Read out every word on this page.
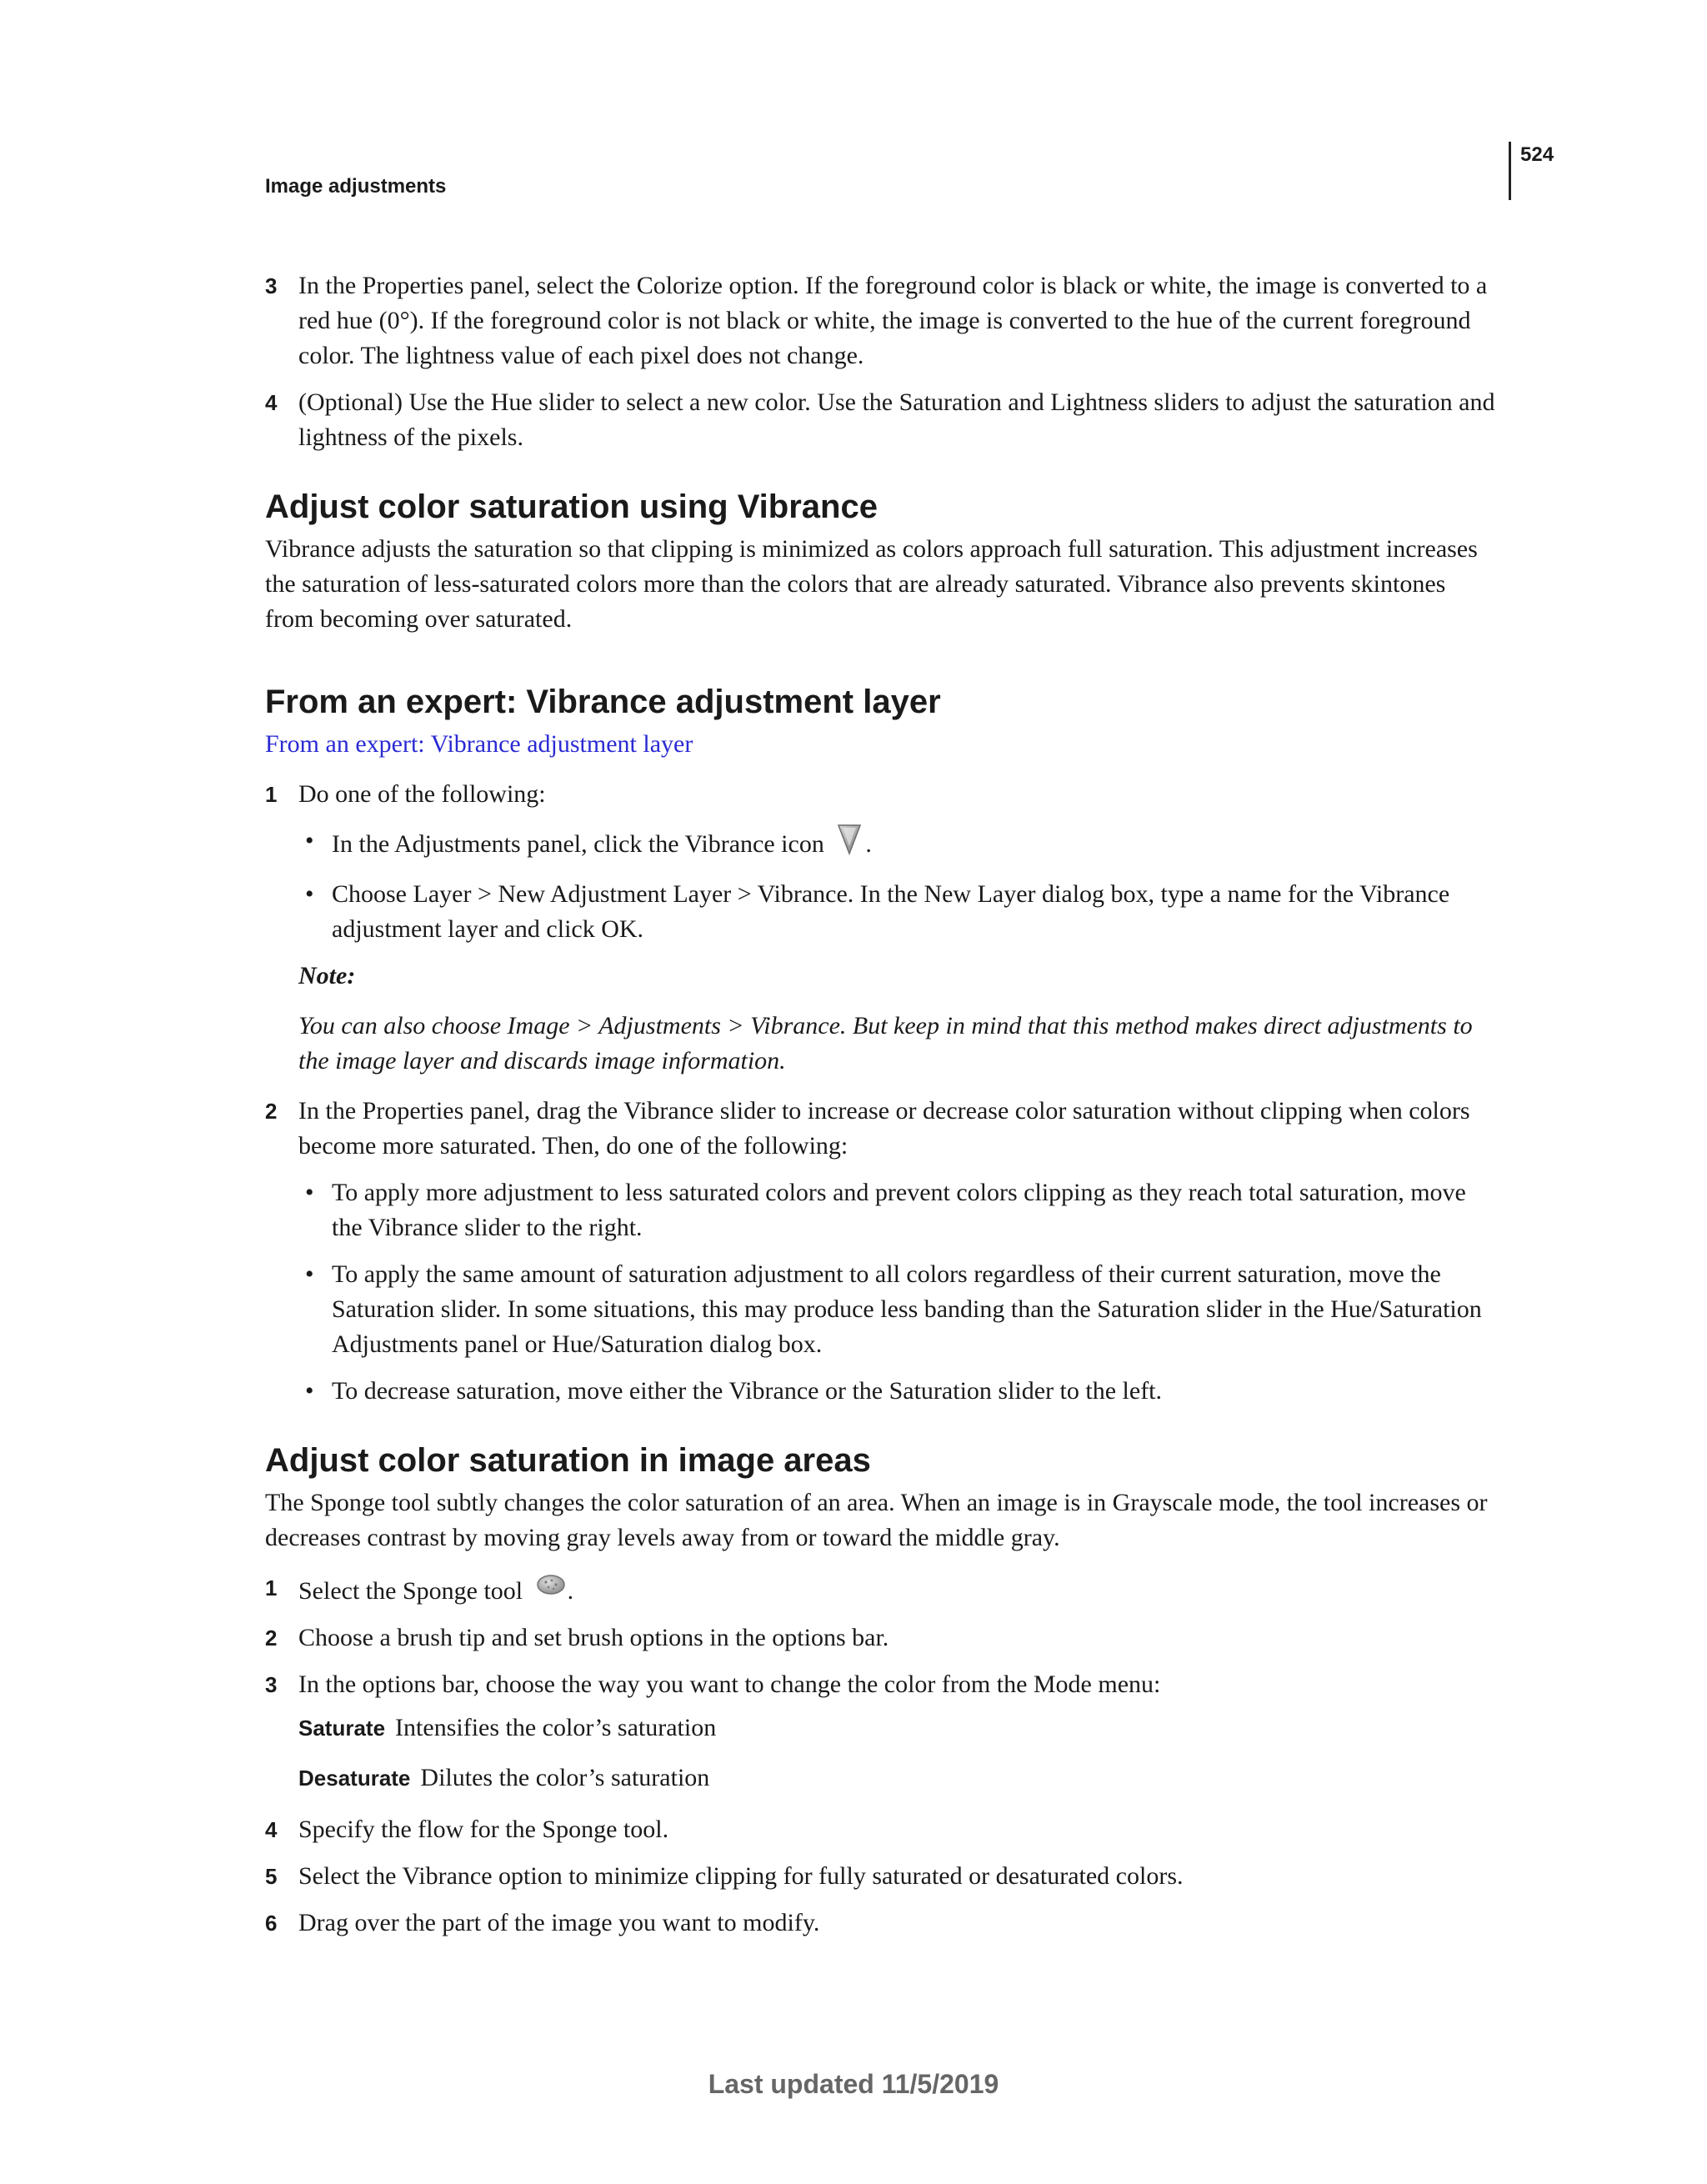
524
Image adjustments
3 In the Properties panel, select the Colorize option. If the foreground color is black or white, the image is converted to a red hue (0°). If the foreground color is not black or white, the image is converted to the hue of the current foreground color. The lightness value of each pixel does not change.
4 (Optional) Use the Hue slider to select a new color. Use the Saturation and Lightness sliders to adjust the saturation and lightness of the pixels.
Adjust color saturation using Vibrance

Vibrance adjusts the saturation so that clipping is minimized as colors approach full saturation. This adjustment increases the saturation of less-saturated colors more than the colors that are already saturated. Vibrance also prevents skintones from becoming over saturated.

From an expert: Vibrance adjustment layer

From an expert: Vibrance adjustment layer

1 Do one of the following:
• In the Adjustments panel, click the Vibrance icon .
• Choose Layer > New Adjustment Layer > Vibrance. In the New Layer dialog box, type a name for the Vibrance adjustment layer and click OK.

Note:

You can also choose Image > Adjustments > Vibrance. But keep in mind that this method makes direct adjustments to the image layer and discards image information.

2 In the Properties panel, drag the Vibrance slider to increase or decrease color saturation without clipping when colors become more saturated. Then, do one of the following:
• To apply more adjustment to less saturated colors and prevent colors clipping as they reach total saturation, move the Vibrance slider to the right.
• To apply the same amount of saturation adjustment to all colors regardless of their current saturation, move the Saturation slider. In some situations, this may produce less banding than the Saturation slider in the Hue/Saturation Adjustments panel or Hue/Saturation dialog box.
• To decrease saturation, move either the Vibrance or the Saturation slider to the left.
Adjust color saturation in image areas

The Sponge tool subtly changes the color saturation of an area. When an image is in Grayscale mode, the tool increases or decreases contrast by moving gray levels away from or toward the middle gray.

1 Select the Sponge tool .
2 Choose a brush tip and set brush options in the options bar.
3 In the options bar, choose the way you want to change the color from the Mode menu:
Saturate Intensifies the color’s saturation
Desaturate Dilutes the color’s saturation
4 Specify the flow for the Sponge tool.
5 Select the Vibrance option to minimize clipping for fully saturated or desaturated colors.
6 Drag over the part of the image you want to modify.
Last updated 11/5/2019
